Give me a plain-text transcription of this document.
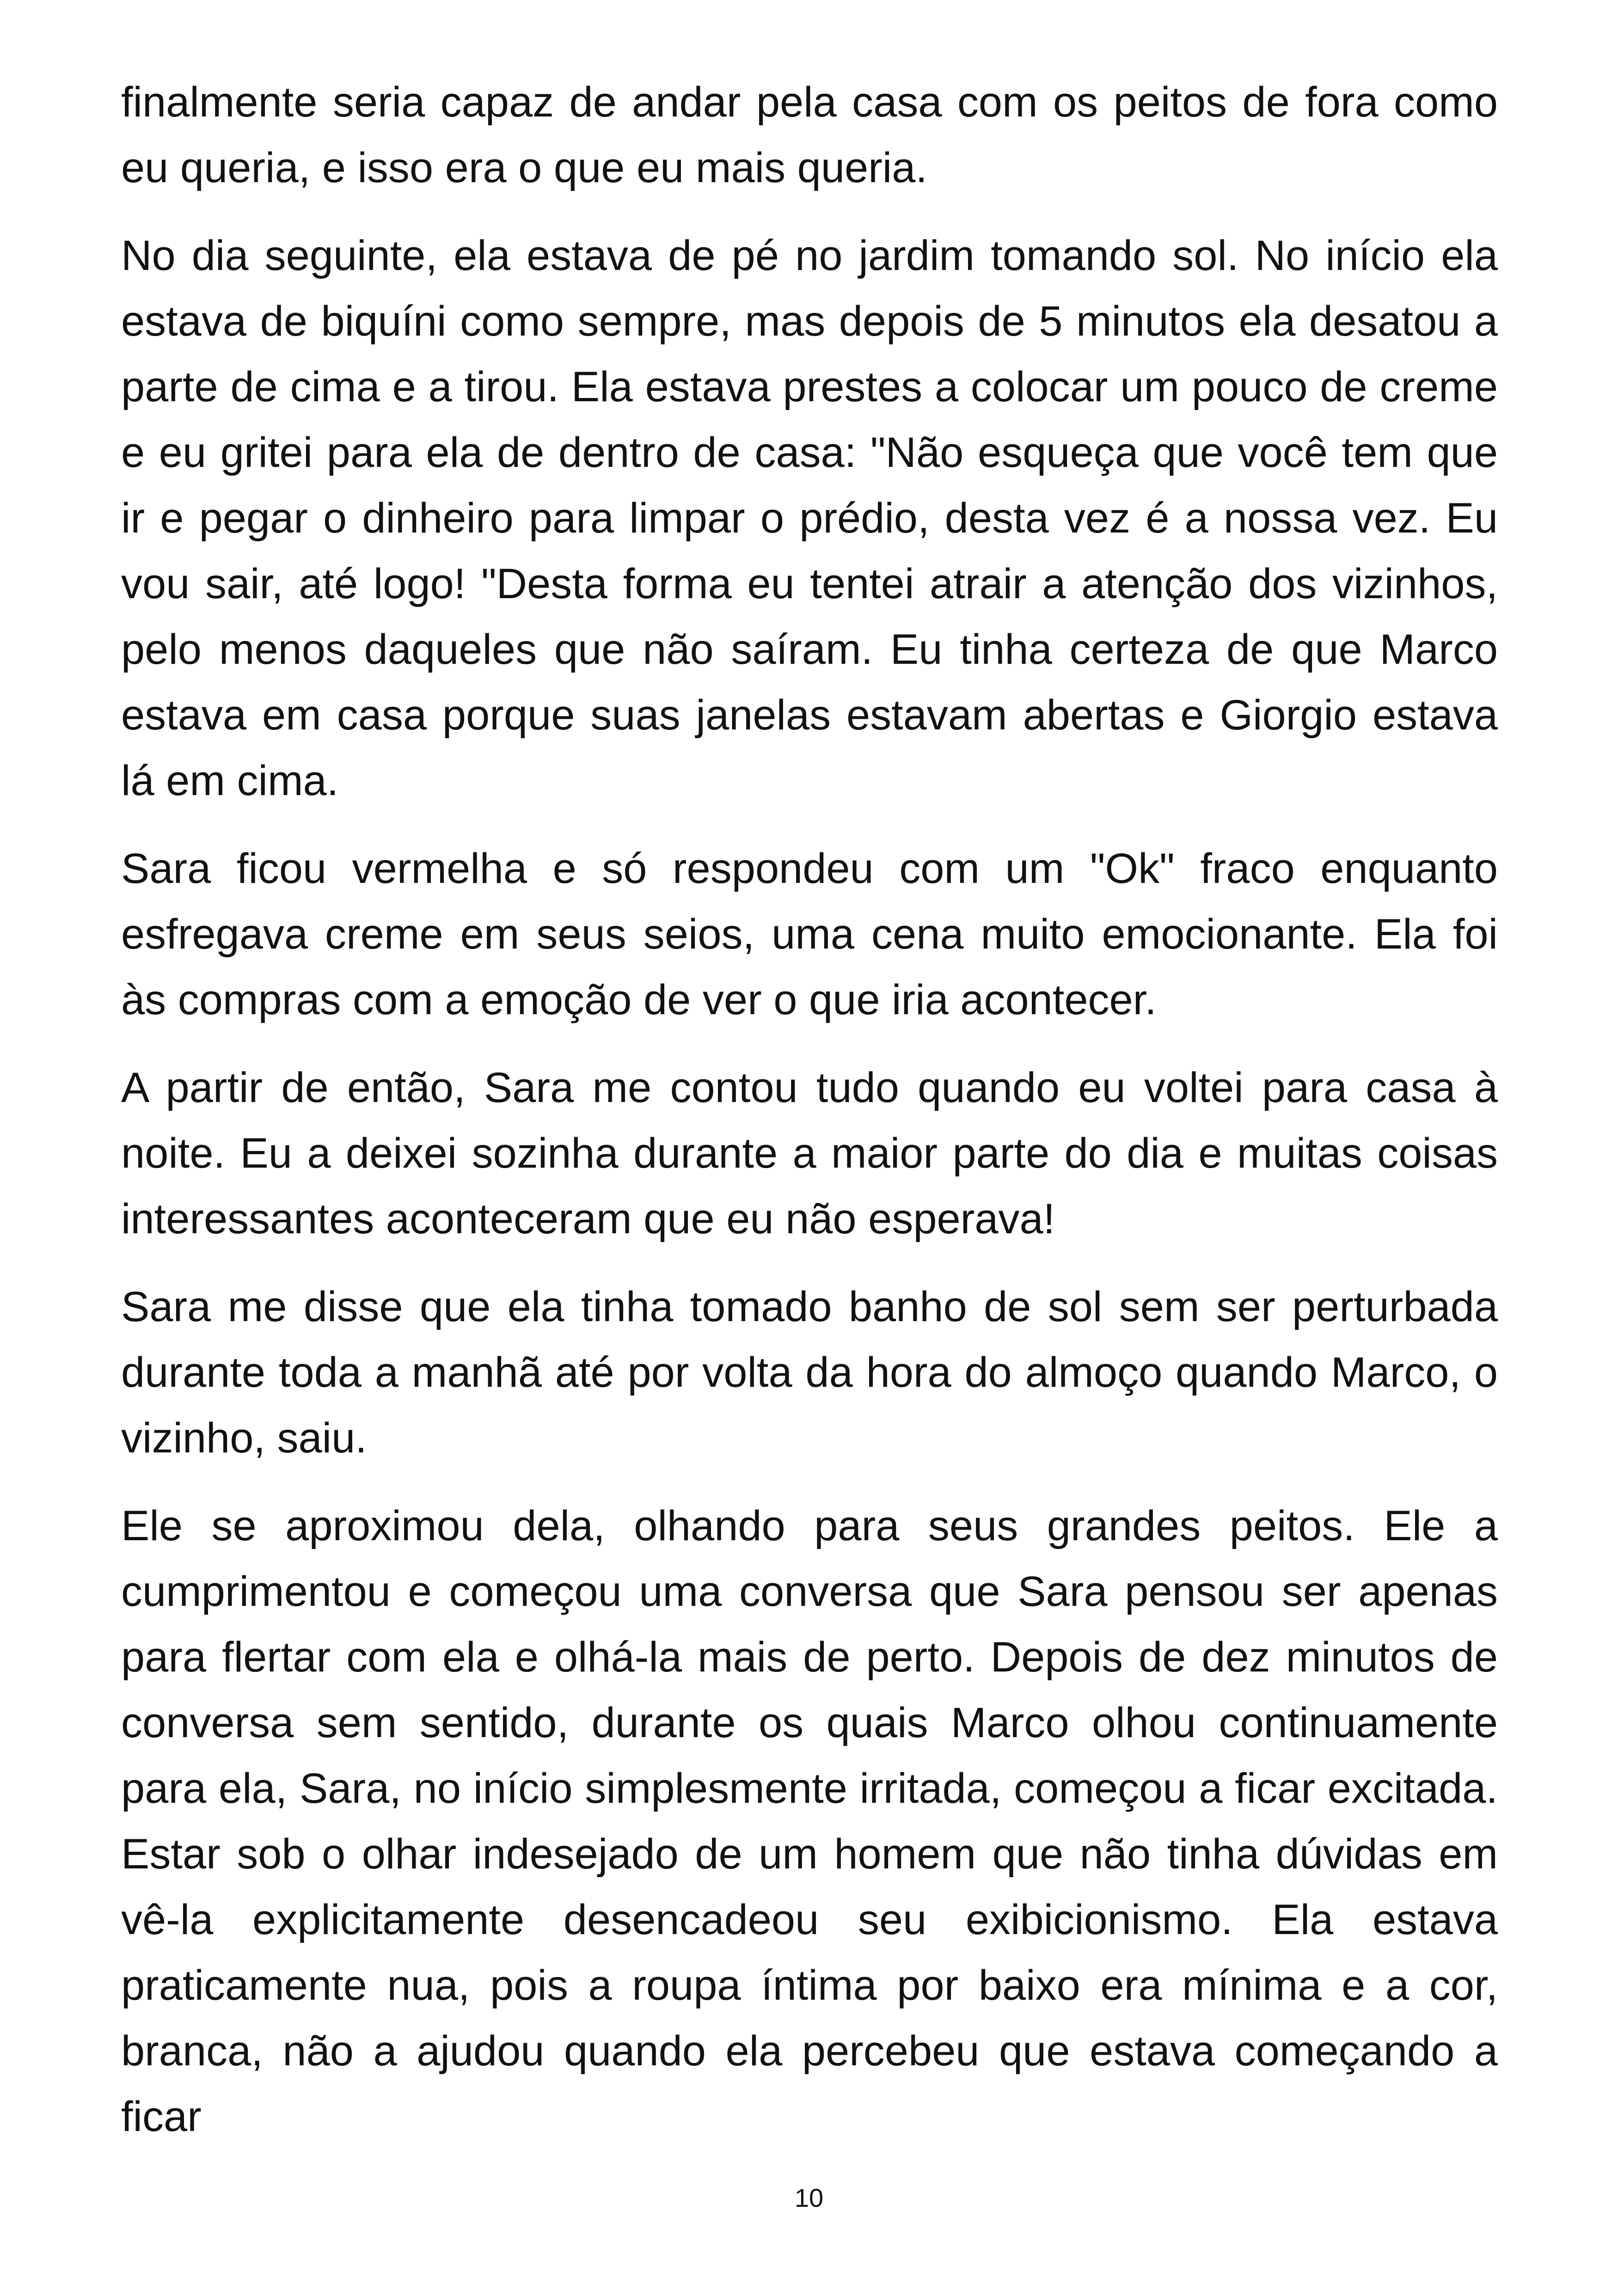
finalmente seria capaz de andar pela casa com os peitos de fora como eu queria, e isso era o que eu mais queria.

No dia seguinte, ela estava de pé no jardim tomando sol. No início ela estava de biquíni como sempre, mas depois de 5 minutos ela desatou a parte de cima e a tirou. Ela estava prestes a colocar um pouco de creme e eu gritei para ela de dentro de casa: "Não esqueça que você tem que ir e pegar o dinheiro para limpar o prédio, desta vez é a nossa vez. Eu vou sair, até logo! "Desta forma eu tentei atrair a atenção dos vizinhos, pelo menos daqueles que não saíram. Eu tinha certeza de que Marco estava em casa porque suas janelas estavam abertas e Giorgio estava lá em cima.

Sara ficou vermelha e só respondeu com um "Ok" fraco enquanto esfregava creme em seus seios, uma cena muito emocionante. Ela foi às compras com a emoção de ver o que iria acontecer.

A partir de então, Sara me contou tudo quando eu voltei para casa à noite. Eu a deixei sozinha durante a maior parte do dia e muitas coisas interessantes aconteceram que eu não esperava!

Sara me disse que ela tinha tomado banho de sol sem ser perturbada durante toda a manhã até por volta da hora do almoço quando Marco, o vizinho, saiu.

Ele se aproximou dela, olhando para seus grandes peitos. Ele a cumprimentou e começou uma conversa que Sara pensou ser apenas para flertar com ela e olhá-la mais de perto. Depois de dez minutos de conversa sem sentido, durante os quais Marco olhou continuamente para ela, Sara, no início simplesmente irritada, começou a ficar excitada. Estar sob o olhar indesejado de um homem que não tinha dúvidas em vê-la explicitamente desencadeou seu exibicionismo. Ela estava praticamente nua, pois a roupa íntima por baixo era mínima e a cor, branca, não a ajudou quando ela percebeu que estava começando a ficar

10
